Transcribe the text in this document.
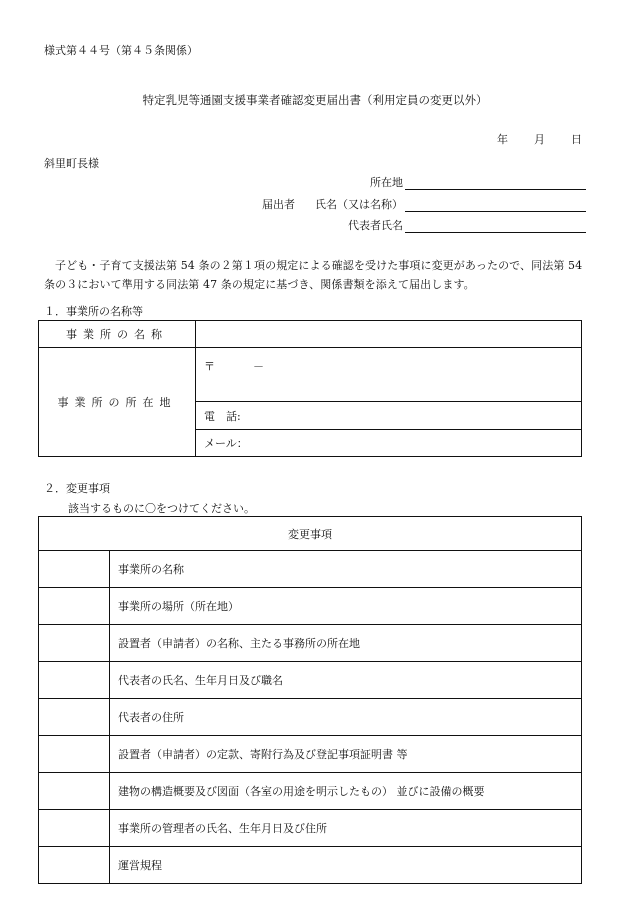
様式第４４号（第４５条関係）
特定乳児等通園支援事業者確認変更届出書（利用定員の変更以外）
年 月 日
斜里町長様
所在地
届出者 氏名（又は名称）
代表者氏名
子ども・子育て支援法第 54 条の２第１項の規定による確認を受けた事項に変更があったので、同法第 54 条の３において準用する同法第 47 条の規定に基づき、関係書類を添えて届出します。
１．事業所の名称等
事業所の名称	
事業所の所在地	〒 －
	電　話:
	メール：
２．変更事項
該当するものに〇をつけてください。
変更事項	
	事業所の名称
	事業所の場所（所在地）
	設置者（申請者）の名称、主たる事務所の所在地
	代表者の氏名、生年月日及び職名
	代表者の住所
	設置者（申請者）の定款、寄附行為及び登記事項証明書 等
	建物の構造概要及び図面（各室の用途を明示したもの） 並びに設備の概要
	事業所の管理者の氏名、生年月日及び住所
	運営規程
